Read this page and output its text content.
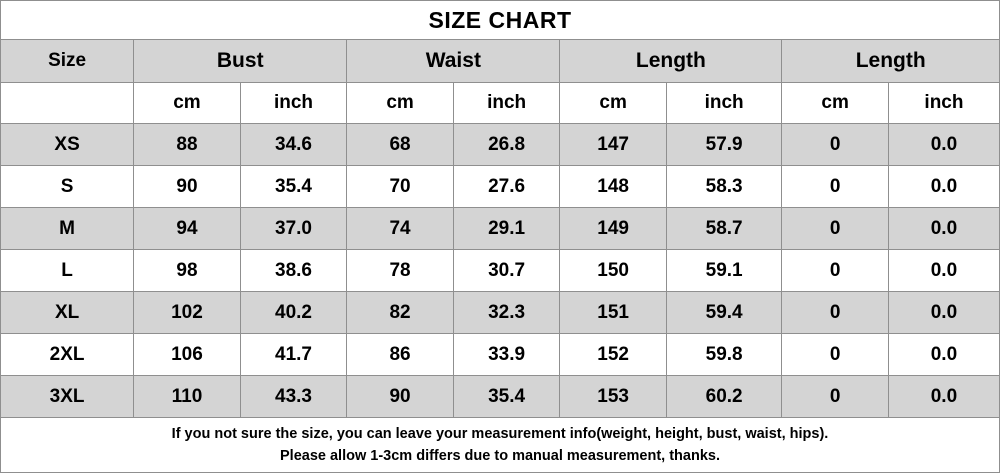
SIZE CHART								
Size	Bust		Waist		Length		Length	
	cm	inch	cm	inch	cm	inch	cm	inch
XS	88	34.6	68	26.8	147	57.9	0	0.0
S	90	35.4	70	27.6	148	58.3	0	0.0
M	94	37.0	74	29.1	149	58.7	0	0.0
L	98	38.6	78	30.7	150	59.1	0	0.0
XL	102	40.2	82	32.3	151	59.4	0	0.0
2XL	106	41.7	86	33.9	152	59.8	0	0.0
3XL	110	43.3	90	35.4	153	60.2	0	0.0

If you not sure the size, you can leave your measurement info(weight, height, bust, waist, hips).
Please allow 1-3cm differs due to manual measurement, thanks.								
